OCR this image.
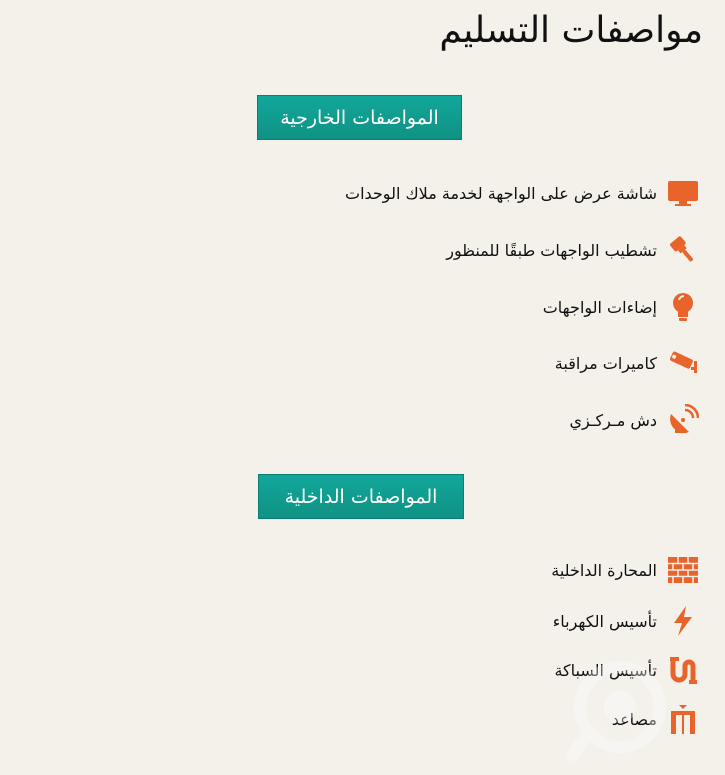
مواصفات التسليم
المواصفات الخارجية
شاشة عرض على الواجهة لخدمة ملاك الوحدات
تشطيب الواجهات طبقًا للمنظور
إضاءات الواجهات
كاميرات مراقبة
دش مـركـزي
المواصفات الداخلية
المحارة الداخلية
تأسيس الكهرباء
تأسيس السباكة
مصاعد
